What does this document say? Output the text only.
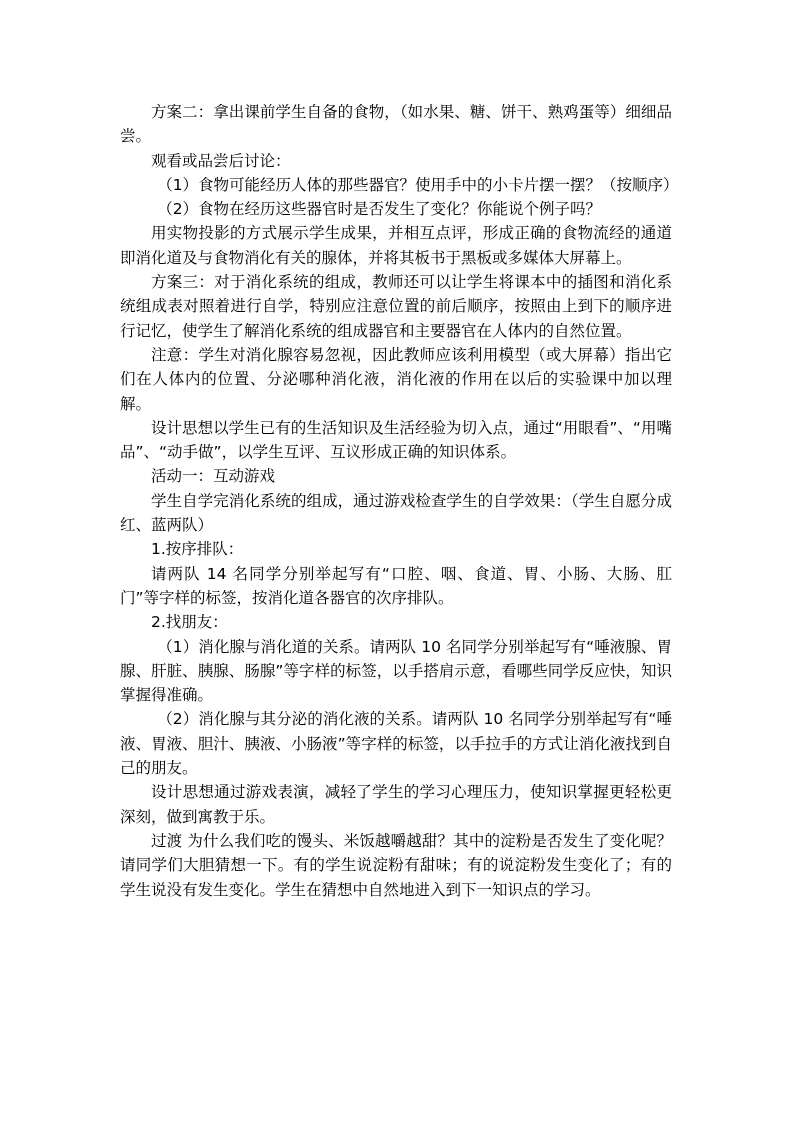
方案二：拿出课前学生自备的食物，（如水果、糖、饼干、熟鸡蛋等）细细品尝。

观看或品尝后讨论：

（1）食物可能经历人体的那些器官？使用手中的小卡片摆一摆？（按顺序）

（2）食物在经历这些器官时是否发生了变化？你能说个例子吗？

用实物投影的方式展示学生成果，并相互点评，形成正确的食物流经的通道即消化道及与食物消化有关的腺体，并将其板书于黑板或多媒体大屏幕上。

方案三：对于消化系统的组成，教师还可以让学生将课本中的插图和消化系统组成表对照着进行自学，特别应注意位置的前后顺序，按照由上到下的顺序进行记忆，使学生了解消化系统的组成器官和主要器官在人体内的自然位置。

注意：学生对消化腺容易忽视，因此教师应该利用模型（或大屏幕）指出它们在人体内的位置、分泌哪种消化液，消化液的作用在以后的实验课中加以理解。

设计思想以学生已有的生活知识及生活经验为切入点，通过“用眼看”、“用嘴品”、“动手做”，以学生互评、互议形成正确的知识体系。

活动一：互动游戏

学生自学完消化系统的组成，通过游戏检查学生的自学效果：（学生自愿分成红、蓝两队）

1.按序排队：

请两队 14 名同学分别举起写有“口腔、咽、食道、胃、小肠、大肠、肛门”等字样的标签，按消化道各器官的次序排队。

2.找朋友：

（1）消化腺与消化道的关系。请两队 10 名同学分别举起写有“唾液腺、胃腺、肝脏、胰腺、肠腺”等字样的标签，以手搭肩示意，看哪些同学反应快，知识掌握得准确。

（2）消化腺与其分泌的消化液的关系。请两队 10 名同学分别举起写有“唾液、胃液、胆汁、胰液、小肠液”等字样的标签，以手拉手的方式让消化液找到自己的朋友。

设计思想通过游戏表演，减轻了学生的学习心理压力，使知识掌握更轻松更深刻，做到寓教于乐。

过渡 为什么我们吃的馒头、米饭越嚼越甜？其中的淀粉是否发生了变化呢？请同学们大胆猜想一下。有的学生说淀粉有甜味；有的说淀粉发生变化了；有的学生说没有发生变化。学生在猜想中自然地进入到下一知识点的学习。
